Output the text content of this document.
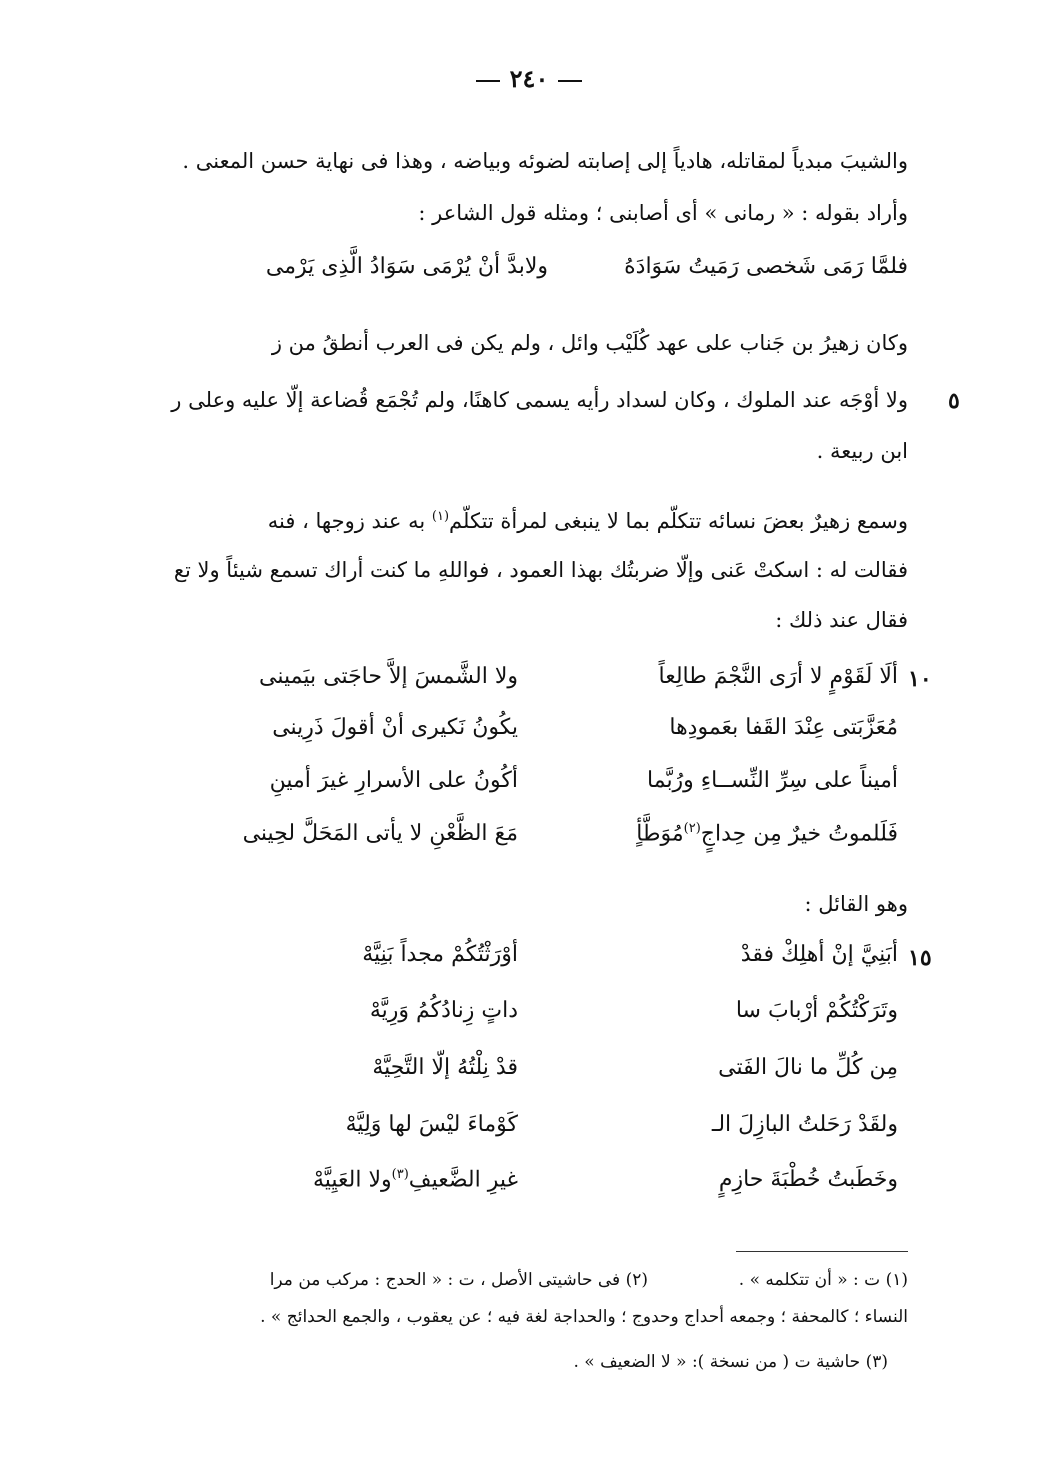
٢٤٠
والشيبَ مبدياً لمقاتله، هادياً إلى إصابته لضوئه وبياضه ، وهذا فى نهاية حسن المعنى .
وأراد بقوله : « رمانى » أى أصابنى ؛ ومثله قول الشاعر :
فلمَّا رَمَى شَخصى رَمَيتُ سَوَادَهُ
ولابدَّ أنْ يُرْمَى سَوَادُ الَّذِى يَرْمى
وكان زهيرُ بن جَناب على عهد كُلَيْب وائل ، ولم يكن فى العرب أنطقُ من ز
ولا أوْجَه عند الملوك ، وكان لسداد رأيه يسمى كاهنًا، ولم تُجْمَع قُضاعة إلّا عليه وعلى ر ٥
ابن ربيعة .
وسمع زهيرٌ بعضَ نسائه تتكلّم بما لا ينبغى لمرأة تتكلّم$^{(١)}$ به عند زوجها ، فنه
فقالت له : اسكتْ عَنى وإلّا ضربتُك بهذا العمود ، فواللهِ ما كنت أراك تسمع شيئاً ولا تع
فقال عند ذلك :
١٠
ألَا لَقَوْمٍ لا أرَى النَّجْمَ طالِعاً
ولا الشَّمسَ إلاَّ حاجَتى بيَمينى
مُعَزَّبَتى عِنْدَ القَفا بعَمودِها
يكُونُ نَكيرى أنْ أقولَ ذَرِينى
أميناً على سِرِّ النِّســاءِ ورُبَّما
أكُونُ على الأسرارِ غيرَ أمينِ
فَلَلموتُ خيرٌ مِن حِداجٍ$^{(٢)}$مُوَطَّأٍ
مَعَ الظَّعْنِ لا يأتى المَحَلَّ لحِينى
وهو القائل :
١٥
أبَنِيَّ إنْ أهلِكْ فقدْ
أوْرَثْتُكُمْ مجداً بَنِيَّهْ
وتَرَكْتُكُمْ أرْبابَ سا
داتٍ زِنادُكُمُ وَرِيَّهْ
مِن كُلِّ ما نالَ الفَتى
قدْ نِلْتُهُ إلّا التَّحِيَّهْ
ولقَدْ رَحَلتُ البازِلَ الـ
كَوْماءَ ليْسَ لها وَلِيَّهْ
وخَطَبتُ خُطْبَةَ حازِمٍ
غيرِ الضَّعيفِ$^{(٣)}$ولا العَيِيَّهْ
(١) ت : « أن تتكلمه » .
(٢) فى حاشيتى الأصل ، ت : « الحدج : مركب من مرا
النساء ؛ كالمحفة ؛ وجمعه أحداج وحدوج ؛ والحداجة لغة فيه ؛ عن يعقوب ، والجمع الحدائج » .
(٣) حاشية ت ( من نسخة ): « لا الضعيف » .
